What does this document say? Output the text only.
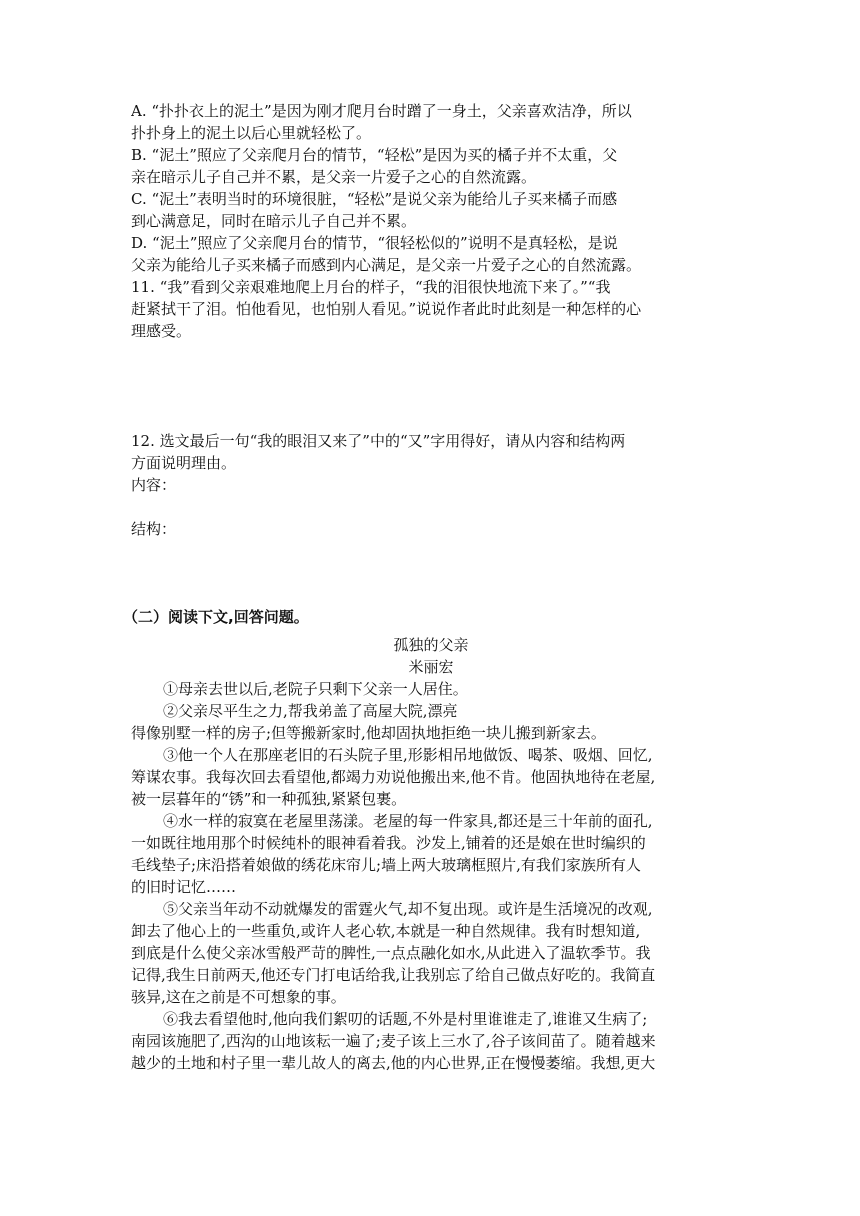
A. “扑扑衣上的泥土”是因为刚才爬月台时蹭了一身土，父亲喜欢洁净，所以
扑扑身上的泥土以后心里就轻松了。
B. “泥土”照应了父亲爬月台的情节，“轻松”是因为买的橘子并不太重，父
亲在暗示儿子自己并不累，是父亲一片爱子之心的自然流露。
C. “泥土”表明当时的环境很脏，“轻松”是说父亲为能给儿子买来橘子而感
到心满意足，同时在暗示儿子自己并不累。
D. “泥土”照应了父亲爬月台的情节，“很轻松似的”说明不是真轻松，是说
父亲为能给儿子买来橘子而感到内心满足，是父亲一片爱子之心的自然流露。
11. “我”看到父亲艰难地爬上月台的样子，“我的泪很快地流下来了。”“我
赶紧拭干了泪。怕他看见，也怕别人看见。”说说作者此时此刻是一种怎样的心
理感受。
12. 选文最后一句“我的眼泪又来了”中的“又”字用得好，请从内容和结构两
方面说明理由。
内容：
结构：
（二）阅读下文,回答问题。
孤独的父亲
米丽宏
①母亲去世以后,老院子只剩下父亲一人居住。
②父亲尽平生之力,帮我弟盖了高屋大院,漂亮
得像别墅一样的房子;但等搬新家时,他却固执地拒绝一块儿搬到新家去。
③他一个人在那座老旧的石头院子里,形影相吊地做饭、喝茶、吸烟、回忆,
筹谋农事。我每次回去看望他,都竭力劝说他搬出来,他不肯。他固执地待在老屋,
被一层暮年的“锈”和一种孤独,紧紧包裹。
④水一样的寂寞在老屋里荡漾。老屋的每一件家具,都还是三十年前的面孔,
一如既往地用那个时候纯朴的眼神看着我。沙发上,铺着的还是娘在世时编织的
毛线垫子;床沿搭着娘做的绣花床帘儿;墙上两大玻璃框照片,有我们家族所有人
的旧时记忆……
⑤父亲当年动不动就爆发的雷霆火气,却不复出现。或许是生活境况的改观,
卸去了他心上的一些重负,或许人老心软,本就是一种自然规律。我有时想知道,
到底是什么使父亲冰雪般严苛的脾性,一点点融化如水,从此进入了温软季节。我
记得,我生日前两天,他还专门打电话给我,让我别忘了给自己做点好吃的。我简直
骇异,这在之前是不可想象的事。
⑥我去看望他时,他向我们絮叨的话题,不外是村里谁谁走了,谁谁又生病了;
南园该施肥了,西沟的山地该耘一遍了;麦子该上三水了,谷子该间苗了。随着越来
越少的土地和村子里一辈儿故人的离去,他的内心世界,正在慢慢萎缩。我想,更大
